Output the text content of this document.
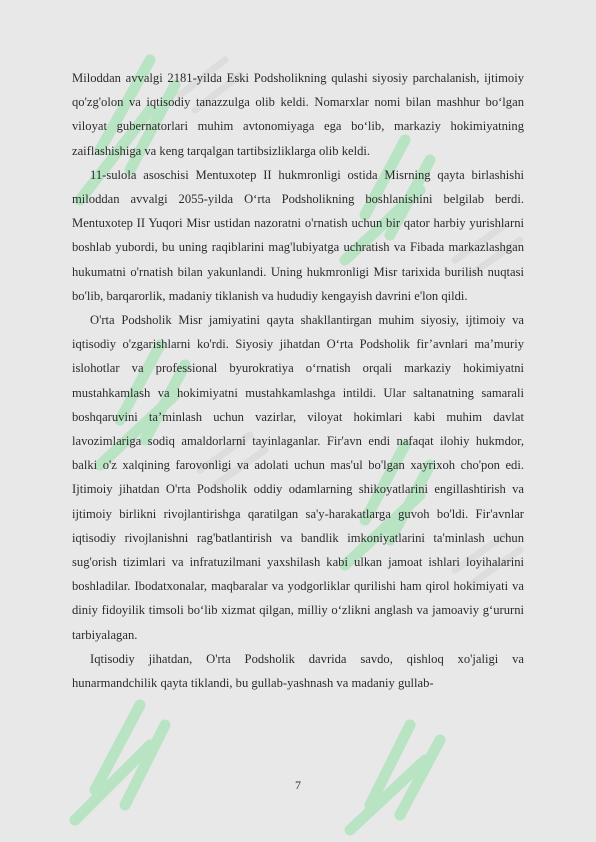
Miloddan avvalgi 2181-yilda Eski Podsholikning qulashi siyosiy parchalanish, ijtimoiy qo'zg'olon va iqtisodiy tanazzulga olib keldi. Nomarxlar nomi bilan mashhur bo‘lgan viloyat gubernatorlari muhim avtonomiyaga ega bo‘lib, markaziy hokimiyatning zaiflashishiga va keng tarqalgan tartibsizliklarga olib keldi.

11-sulola asoschisi Mentuxotep II hukmronligi ostida Misrning qayta birlashishi miloddan avvalgi 2055-yilda O‘rta Podsholikning boshlanishini belgilab berdi. Mentuxotep II Yuqori Misr ustidan nazoratni o'rnatish uchun bir qator harbiy yurishlarni boshlab yubordi, bu uning raqiblarini mag'lubiyatga uchratish va Fibada markazlashgan hukumatni o'rnatish bilan yakunlandi. Uning hukmronligi Misr tarixida burilish nuqtasi bo'lib, barqarorlik, madaniy tiklanish va hududiy kengayish davrini e'lon qildi.

O'rta Podsholik Misr jamiyatini qayta shakllantirgan muhim siyosiy, ijtimoiy va iqtisodiy o'zgarishlarni ko'rdi. Siyosiy jihatdan O‘rta Podsholik fir’avnlari ma’muriy islohotlar va professional byurokratiya o‘rnatish orqali markaziy hokimiyatni mustahkamlash va hokimiyatni mustahkamlashga intildi. Ular saltanatning samarali boshqaruvini ta’minlash uchun vazirlar, viloyat hokimlari kabi muhim davlat lavozimlariga sodiq amaldorlarni tayinlaganlar. Fir'avn endi nafaqat ilohiy hukmdor, balki o'z xalqining farovonligi va adolati uchun mas'ul bo'lgan xayrixoh cho'pon edi. Ijtimoiy jihatdan O'rta Podsholik oddiy odamlarning shikoyatlarini engillashtirish va ijtimoiy birlikni rivojlantirishga qaratilgan sa'y-harakatlarga guvoh bo'ldi. Fir'avnlar iqtisodiy rivojlanishni rag'batlantirish va bandlik imkoniyatlarini ta'minlash uchun sug'orish tizimlari va infratuzilmani yaxshilash kabi ulkan jamoat ishlari loyihalarini boshladilar. Ibodatxonalar, maqbaralar va yodgorliklar qurilishi ham qirol hokimiyati va diniy fidoyilik timsoli bo‘lib xizmat qilgan, milliy o‘zlikni anglash va jamoaviy g‘ururni tarbiyalagan.

Iqtisodiy jihatdan, O'rta Podsholik davrida savdo, qishloq xo'jaligi va hunarmandchilik qayta tiklandi, bu gullab-yashnash va madaniy gullab-

7
